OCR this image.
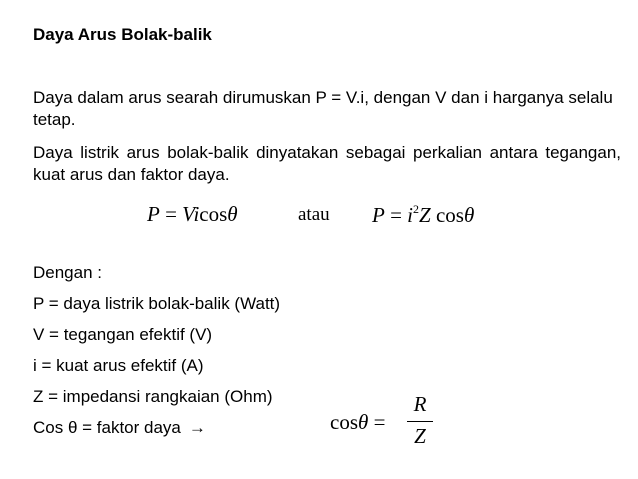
Daya Arus Bolak-balik
Daya dalam arus searah dirumuskan P = V.i, dengan V dan i harganya selalu tetap.
Daya listrik arus bolak-balik dinyatakan sebagai perkalian antara tegangan, kuat arus dan faktor daya.
P = Vicosθ	atau $P = i^2Z$ cosθ
Dengan :
P = daya listrik bolak-balik (Watt)
V = tegangan efektif (V)
i = kuat arus efektif (A)
Z = impedansi rangkaian (Ohm)
Cos θ = faktor daya →	cosθ =
R
Z
